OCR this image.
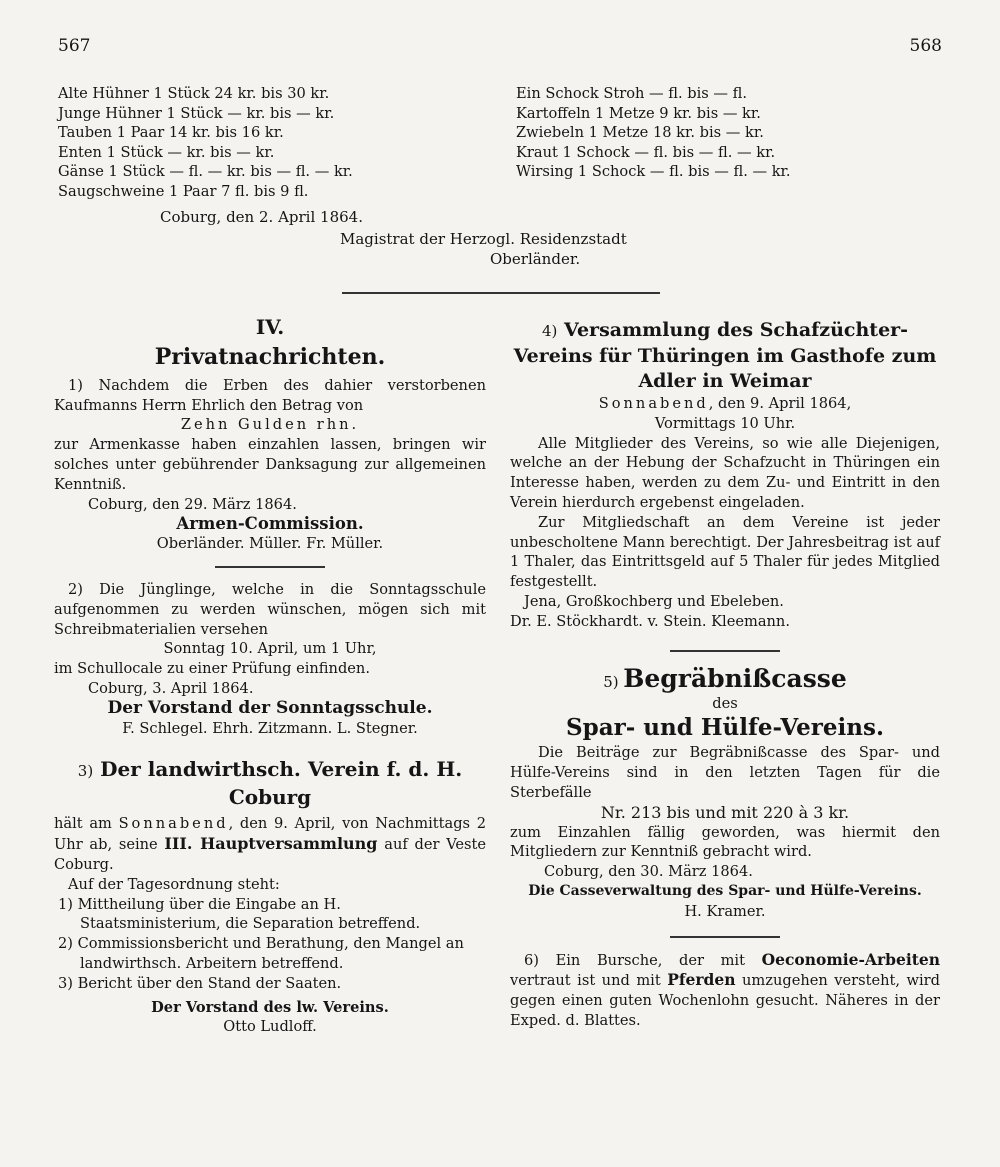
567	568
Alte Hühner 1 Stück 24 kr. bis 30 kr.
Junge Hühner 1 Stück — kr. bis — kr.
Tauben 1 Paar 14 kr. bis 16 kr.
Enten 1 Stück — kr. bis — kr.
Gänse 1 Stück — fl. — kr. bis — fl. — kr.
Saugschweine 1 Paar 7 fl. bis 9 fl.
Ein Schock Stroh — fl. bis — fl.
Kartoffeln 1 Metze 9 kr. bis — kr.
Zwiebeln 1 Metze 18 kr. bis — kr.
Kraut 1 Schock — fl. bis — fl. — kr.
Wirsing 1 Schock — fl. bis — fl. — kr.
Coburg, den 2. April 1864.
Magistrat der Herzogl. Residenzstadt
Oberländer.
IV.
Privatnachrichten.
1) Nachdem die Erben des dahier verstorbenen Kaufmanns Herrn Ehrlich den Betrag von
Zehn Gulden rhn.
zur Armenkasse haben einzahlen lassen, bringen wir solches unter gebührender Danksagung zur allgemeinen Kenntniß.
Coburg, den 29. März 1864.
Armen-Commission.
Oberländer. Müller. Fr. Müller.
2) Die Jünglinge, welche in die Sonntagsschule aufgenommen zu werden wünschen, mögen sich mit Schreibmaterialien versehen
Sonntag 10. April, um 1 Uhr,
im Schullocale zu einer Prüfung einfinden.
Coburg, 3. April 1864.
Der Vorstand der Sonntagsschule.
F. Schlegel. Ehrh. Zitzmann. L. Stegner.
3) Der landwirthsch. Verein f. d. H. Coburg
hält am Sonnabend, den 9. April, von Nachmittags 2 Uhr ab, seine III. Hauptversammlung auf der Veste Coburg.
Auf der Tagesordnung steht:
1) Mittheilung über die Eingabe an H. Staatsministerium, die Separation betreffend.
2) Commissionsbericht und Berathung, den Mangel an landwirthsch. Arbeitern betreffend.
3) Bericht über den Stand der Saaten.
Der Vorstand des lw. Vereins.
Otto Ludloff.
4) Versammlung des Schafzüchter-Vereins für Thüringen im Gasthofe zum Adler in Weimar
Sonnabend, den 9. April 1864,
Vormittags 10 Uhr.
Alle Mitglieder des Vereins, so wie alle Diejenigen, welche an der Hebung der Schafzucht in Thüringen ein Interesse haben, werden zu dem Zu- und Eintritt in den Verein hierdurch ergebenst eingeladen.
Zur Mitgliedschaft an dem Vereine ist jeder unbescholtene Mann berechtigt. Der Jahresbeitrag ist auf 1 Thaler, das Eintrittsgeld auf 5 Thaler für jedes Mitglied festgestellt.
Jena, Großkochberg und Ebeleben.
Dr. E. Stöckhardt. v. Stein. Kleemann.
5) Begräbnißcasse
des
Spar- und Hülfe-Vereins.
Die Beiträge zur Begräbnißcasse des Spar- und Hülfe-Vereins sind in den letzten Tagen für die Sterbefälle
Nr. 213 bis und mit 220 à 3 kr.
zum Einzahlen fällig geworden, was hiermit den Mitgliedern zur Kenntniß gebracht wird.
Coburg, den 30. März 1864.
Die Casseverwaltung des Spar- und Hülfe-Vereins.
H. Kramer.
6) Ein Bursche, der mit Oeconomie-Arbeiten vertraut ist und mit Pferden umzugehen versteht, wird gegen einen guten Wochenlohn gesucht. Näheres in der Exped. d. Blattes.
